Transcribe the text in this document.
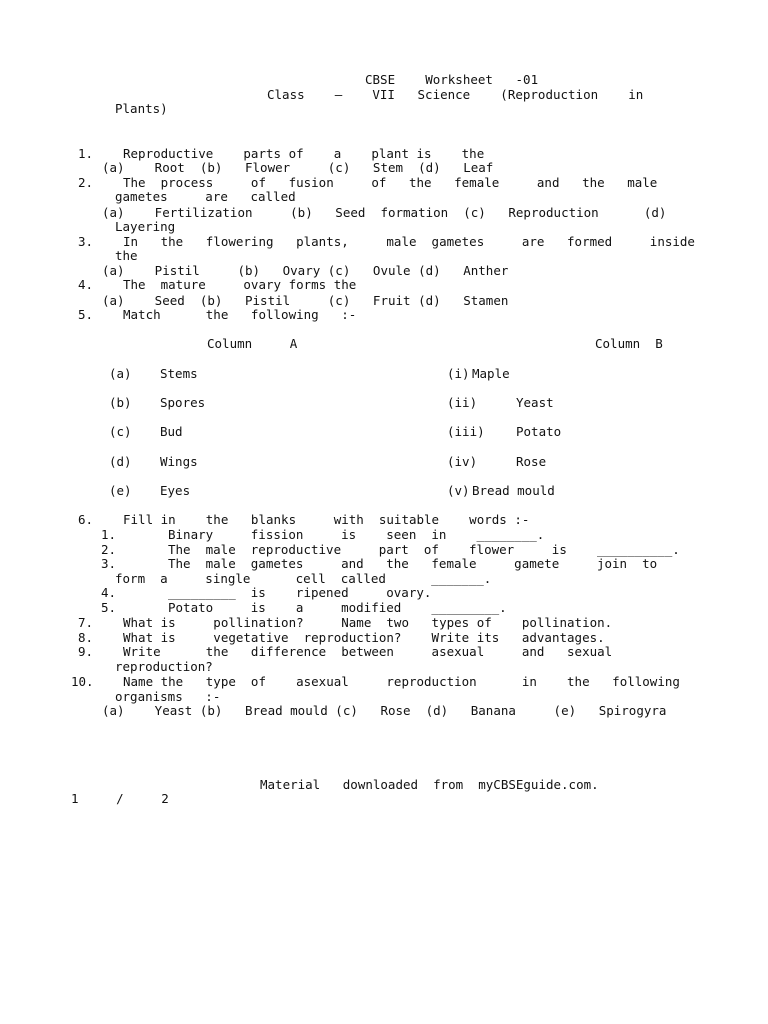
CBSE    Worksheet   -01
Class    –    VII   Science    (Reproduction    in
Plants)
1. Reproductive    parts of    a    plant is    the
(a)    Root  (b)   Flower     (c)   Stem  (d)   Leaf
2. The  process     of   fusion     of   the   female     and   the   male
gametes     are   called
(a)    Fertilization     (b)   Seed  formation  (c)   Reproduction      (d)
Layering
3. In   the   flowering   plants,     male  gametes     are   formed     inside
the
(a)    Pistil     (b)   Ovary (c)   Ovule (d)   Anther
4. The  mature     ovary forms the
(a)    Seed  (b)   Pistil     (c)   Fruit (d)   Stamen
5. Match      the   following   :-
Column     A	Column  B
(a) Stems	(i) Maple
(b) Spores	(ii)	Yeast
(c) Bud	(iii)	Potato
(d) Wings	(iv)	Rose
(e) Eyes	(v) Bread mould
6. Fill in    the   blanks     with  suitable    words :-
1.	Binary     fission     is    seen  in    ________.
2.	The  male  reproductive     part  of    flower     is    __________.
3.	The  male  gametes     and   the   female     gamete     join  to
form  a     single      cell  called      _______.
4.	_________  is    ripened     ovary.
5.	Potato     is    a     modified    _________.
7. What is     pollination?     Name  two   types of    pollination.
8. What is     vegetative  reproduction?    Write its   advantages.
9. Write      the   difference  between     asexual     and   sexual
reproduction?
10. Name the   type  of    asexual     reproduction      in    the   following
organisms   :-
(a)    Yeast (b)   Bread mould (c)   Rose  (d)   Banana     (e)   Spirogyra
Material   downloaded  from  myCBSEguide.com.
1     /     2
